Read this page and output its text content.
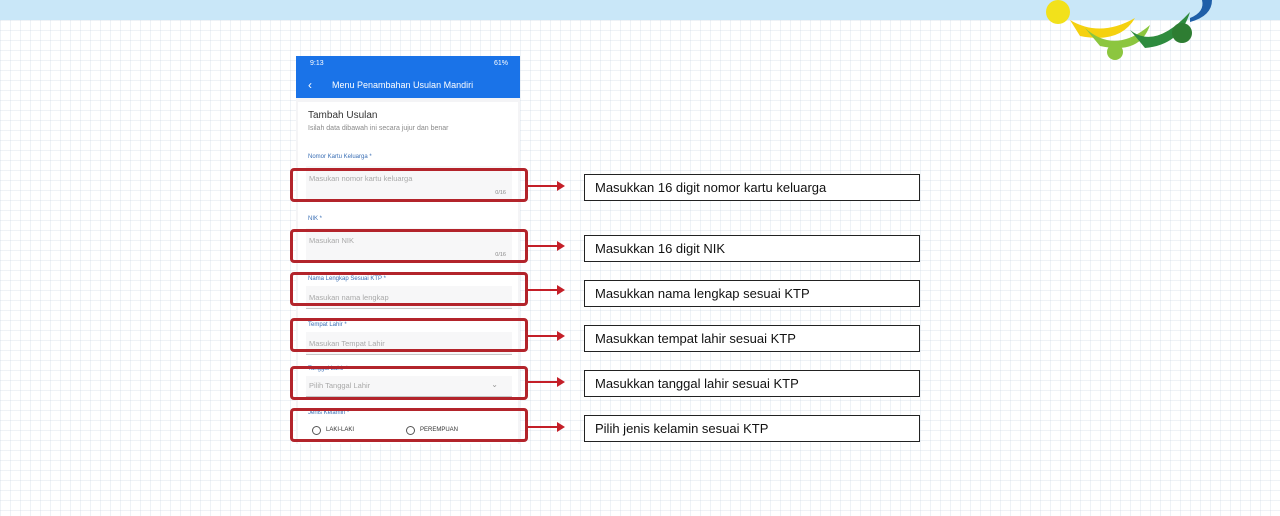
9:13	61%
‹ Menu Penambahan Usulan Mandiri
Tambah Usulan
Isilah data dibawah ini secara jujur dan benar
Nomor Kartu Keluarga *
Masukan nomor kartu keluarga
0/16
NIK *
Masukan NIK
0/16
Nama Lengkap Sesuai KTP *
Masukan nama lengkap
Tempat Lahir *
Masukan Tempat Lahir
Tanggal Lahir *
Pilih Tanggal Lahir	⌄
Jenis Kelamin *
LAKI-LAKI	PEREMPUAN
Masukkan 16 digit nomor kartu keluarga
Masukkan 16 digit NIK
Masukkan nama lengkap sesuai KTP
Masukkan tempat lahir sesuai KTP
Masukkan tanggal lahir sesuai KTP
Pilih jenis kelamin sesuai KTP
